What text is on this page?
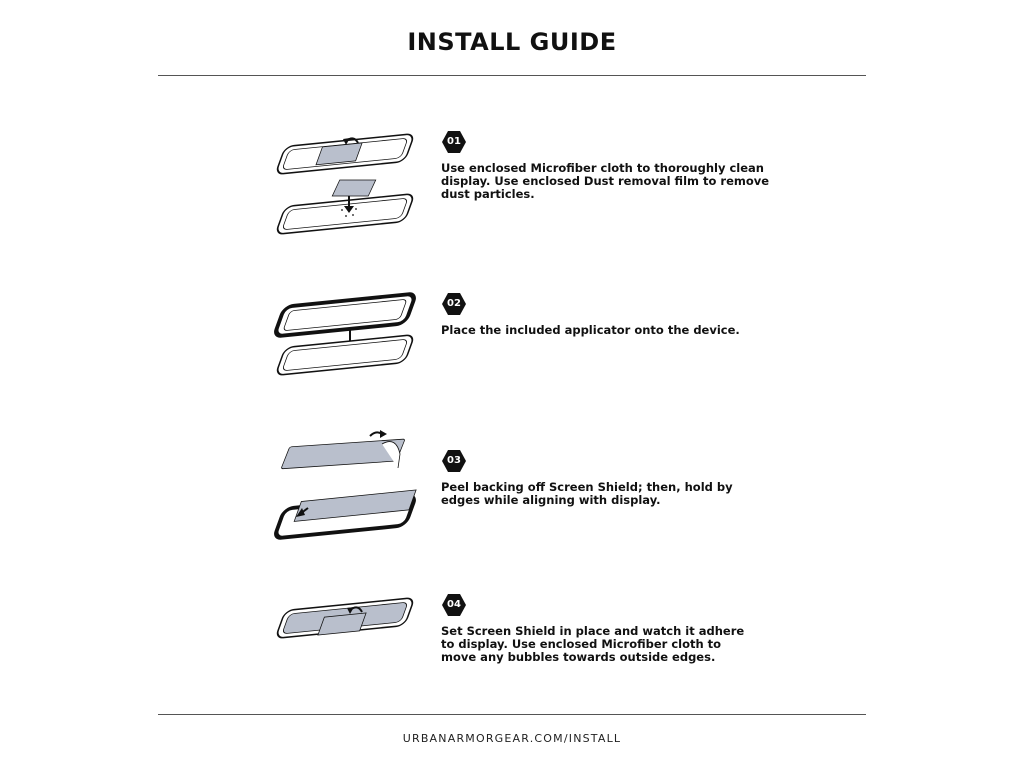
INSTALL GUIDE
01

Use enclosed Microfiber cloth to thoroughly clean
display. Use enclosed Dust removal film to remove
dust particles.

02

Place the included applicator onto the device.

03

Peel backing off Screen Shield; then, hold by
edges while aligning with display.

04

Set Screen Shield in place and watch it adhere
to display. Use enclosed Microfiber cloth to
move any bubbles towards outside edges.

URBANARMORGEAR.COM/INSTALL
